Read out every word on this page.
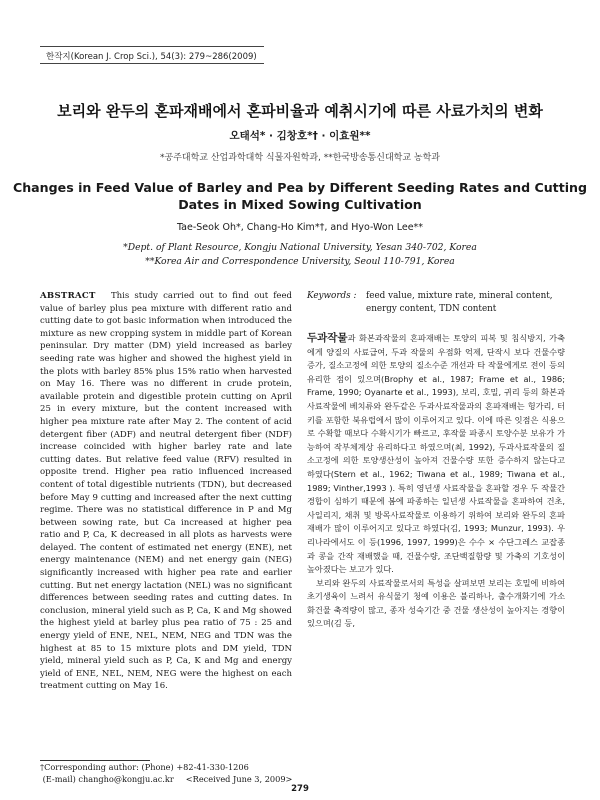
한작지(Korean J. Crop Sci.), 54(3): 279~286(2009)
보리와 완두의 혼파재배에서 혼파비율과 예취시기에 따른 사료가치의 변화
오태석* · 김창호*† · 이효원**
*공주대학교 산업과학대학 식물자원학과, **한국방송통신대학교 농학과
Changes in Feed Value of Barley and Pea by Different Seeding Rates and Cutting
Dates in Mixed Sowing Cultivation
Tae-Seok Oh*, Chang-Ho Kim*†, and Hyo-Won Lee**
*Dept. of Plant Resource, Kongju National University, Yesan 340-702, Korea
**Korea Air and Correspondence University, Seoul 110-791, Korea

ABSTRACT This study carried out to find out feed value of barley plus pea mixture with different ratio and cutting date to got basic information when introduced the mixture as new cropping system in middle part of Korean peninsular. Dry matter (DM) yield increased as barley seeding rate was higher and showed the highest yield in the plots with barley 85% plus 15% ratio when harvested on May 16. There was no different in crude protein, available protein and digestible protein cutting on April 25 in every mixture, but the content increased with higher pea mixture rate after May 2. The content of acid detergent fiber (ADF) and neutral detergent fiber (NDF) increase coincided with higher barley rate and late cutting dates. But relative feed value (RFV) resulted in opposite trend. Higher pea ratio influenced increased content of total digestible nutrients (TDN), but decreased before May 9 cutting and increased after the next cutting regime. There was no statistical difference in P and Mg between sowing rate, but Ca increased at higher pea ratio and P, Ca, K decreased in all plots as harvests were delayed. The content of estimated net energy (ENE), net energy maintenance (NEM) and net energy gain (NEG) significantly increased with higher pea rate and earlier cutting. But net energy lactation (NEL) was no significant differences between seeding rates and cutting dates. In conclusion, mineral yield such as P, Ca, K and Mg showed the highest yield at barley plus pea ratio of 75 : 25 and energy yield of ENE, NEL, NEM, NEG and TDN was the highest at 85 to 15 mixture plots and DM yield, TDN yield, mineral yield such as P, Ca, K and Mg and energy yield of ENE, NEL, NEM, NEG were the highest on each treatment cutting on May 16.

†Corresponding author: (Phone) +82-41-330-1206
(E-mail) changho@kongju.ac.kr <Received June 3, 2009>
Keywords :	feed value, mixture rate, mineral content, energy content, TDN content

두과작물과 화본과작물의 혼파재배는 토양의 피복 및 침식방지, 가축에게 양질의 사료급여, 두과 작물의 우점화 억제, 단작시 보다 건물수량 증가, 질소고정에 의한 토양의 질소수준 개선과 타 작물에게로 전이 등의 유리한 점이 있으며(Brophy et al., 1987; Frame et al., 1986; Frame, 1990; Oyanarte et al., 1993), 보리, 호밀, 귀리 등의 화본과 사료작물에 베치류와 완두같은 두과사료작물과의 혼파재배는 헝가리, 터키를 포함한 북유럽에서 많이 이루어지고 있다. 이에 따른 잇점은 식용으로 수확할 때보다 수확시기가 빠르고, 후작물 파종시 토양수분 보유가 가능하여 작부체계상 유리하다고 하였으며(최, 1992), 두과사료작물의 질소고정에 의한 토양생산성이 높아져 건물수량 또한 증수하지 않는다고 하였다(Stern et al., 1962; Tiwana et al., 1989; Tiwana et al., 1989; Vinther,1993 ). 특히 영년생 사료작물을 혼파할 경우 두 작물간 경합이 심하기 때문에 봄에 파종하는 일년생 사료작물을 혼파하여 건초, 사일리지, 채취 및 방목사료작물로 이용하기 위하여 보리와 완두의 혼파재배가 많이 이루어지고 있다고 하였다(김, 1993; Munzur, 1993). 우리나라에서도 이 등(1996, 1997, 1999)은 수수 × 수단그레스 교잡종과 콩을 간작 재배했을 때, 건물수량, 조단백질함량 및 가축의 기호성이 높아졌다는 보고가 있다.

보리와 완두의 사료작물로서의 특성을 살펴보면 보리는 호밀에 비하여 초기생육이 느려서 유식물기 청예 이용은 불리하나, 출수개화기에 가소화건물 축적량이 많고, 종자 성숙기간 중 건물 생산성이 높아지는 경향이 있으며(김 등,

279
